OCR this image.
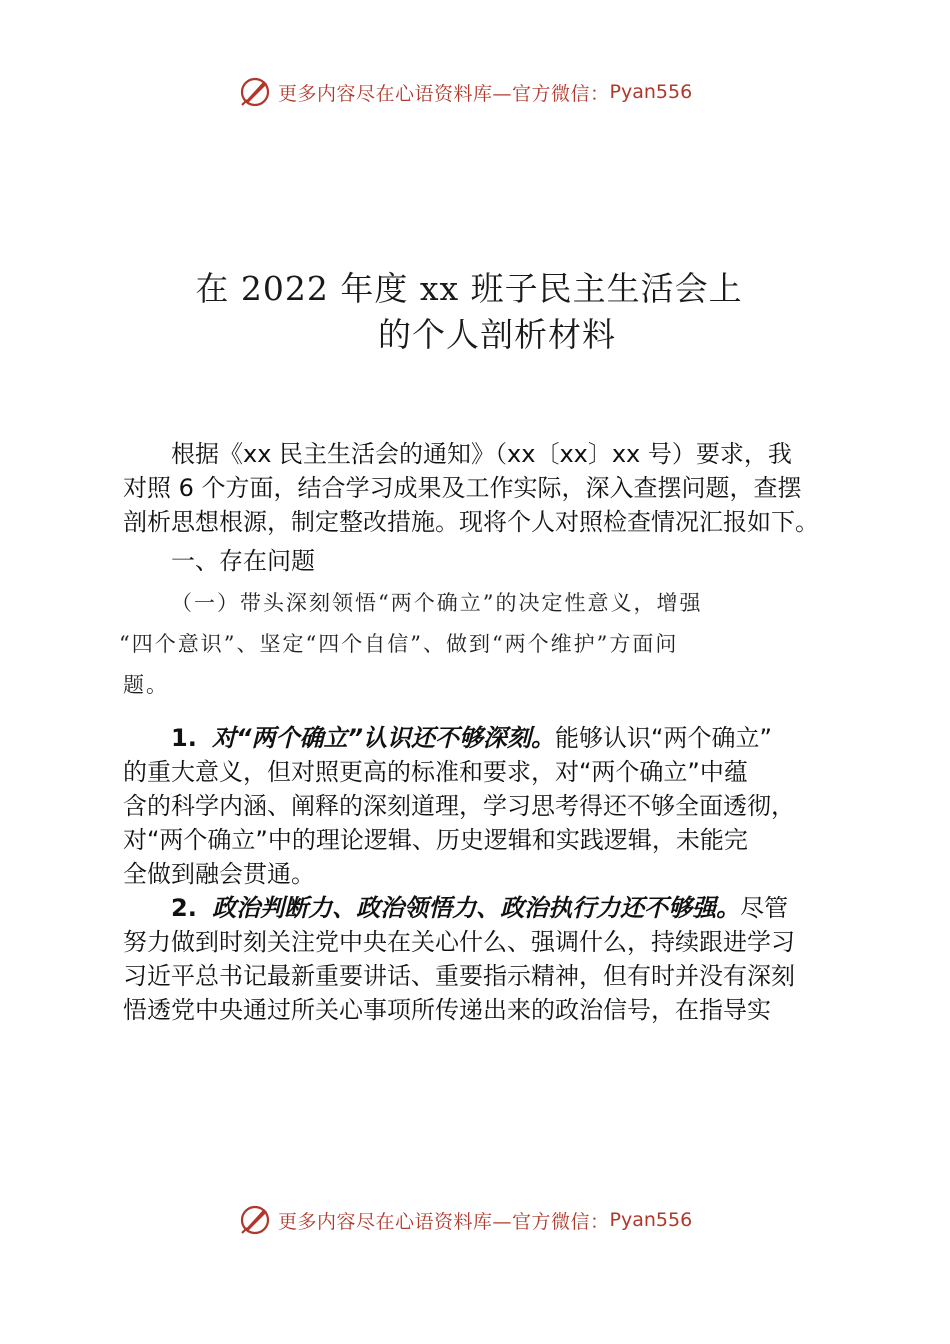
更多内容尽在心语资料库—官方微信： Pyan556
在 2022 年度 xx 班子民主生活会上
的个人剖析材料
根据《xx 民主生活会的通知》（xx〔xx〕xx 号）要求，我
对照 6 个方面，结合学习成果及工作实际，深入查摆问题，查摆
剖析思想根源，制定整改措施。现将个人对照检查情况汇报如下。
一、存在问题
（一）带头深刻领悟“两个确立”的决定性意义，增强
“四个意识”、坚定“四个自信”、做到“两个维护”方面问
题。
1. 对“两个确立”认识还不够深刻。能够认识“两个确立”
的重大意义，但对照更高的标准和要求，对“两个确立”中蕴
含的科学内涵、阐释的深刻道理，学习思考得还不够全面透彻，
对“两个确立”中的理论逻辑、历史逻辑和实践逻辑，未能完
全做到融会贯通。
2. 政治判断力、政治领悟力、政治执行力还不够强。尽管
努力做到时刻关注党中央在关心什么、强调什么，持续跟进学习
习近平总书记最新重要讲话、重要指示精神，但有时并没有深刻
悟透党中央通过所关心事项所传递出来的政治信号，在指导实
更多内容尽在心语资料库—官方微信： Pyan556
